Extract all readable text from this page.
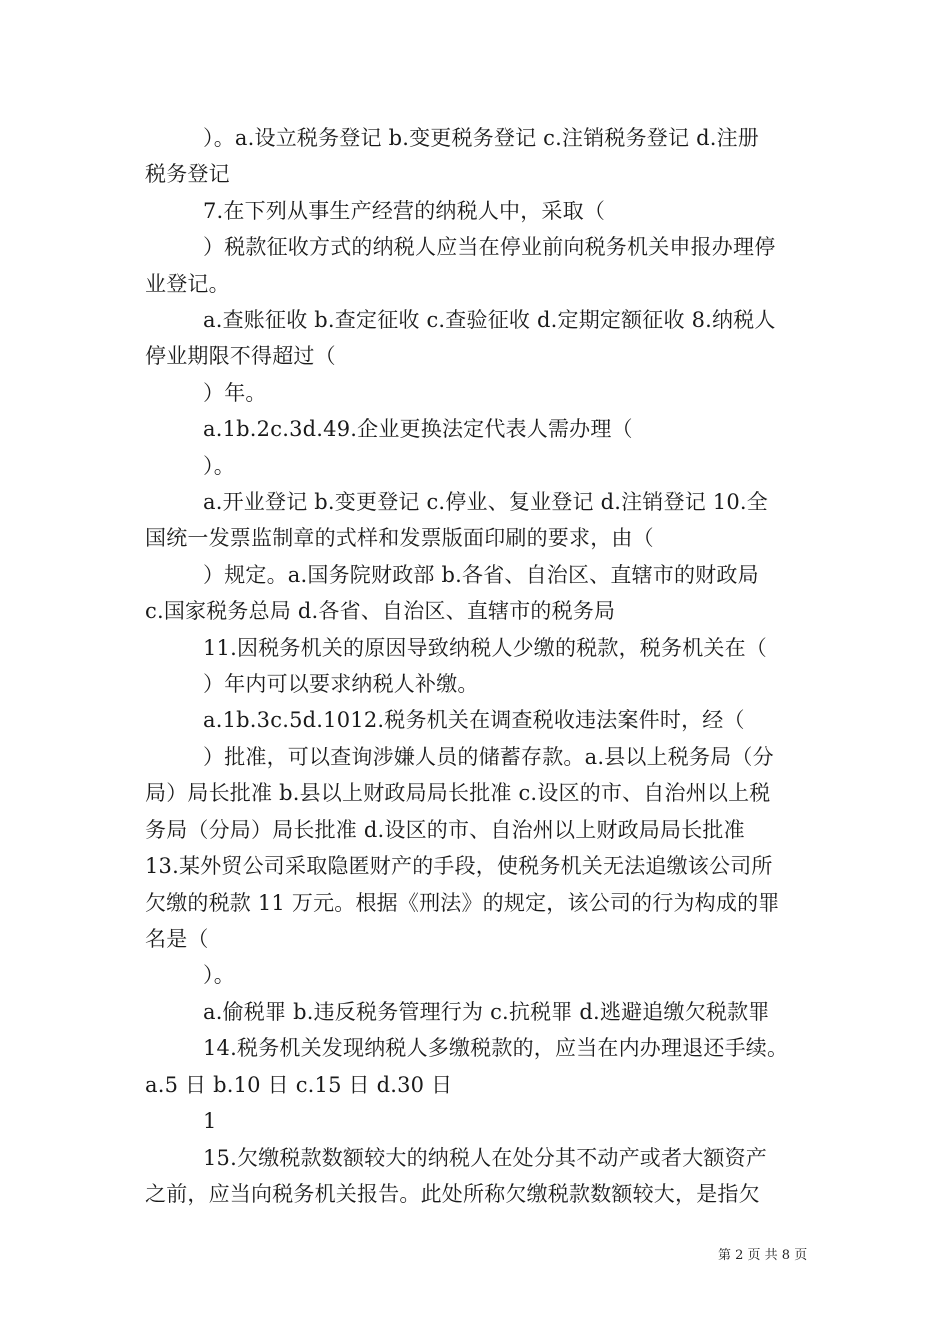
）。a.设立税务登记 b.变更税务登记 c.注销税务登记 d.注册
税务登记
7.在下列从事生产经营的纳税人中，采取（
）税款征收方式的纳税人应当在停业前向税务机关申报办理停
业登记。
a.查账征收 b.查定征收 c.查验征收 d.定期定额征收 8.纳税人
停业期限不得超过（
）年。
a.1b.2c.3d.49.企业更换法定代表人需办理（
）。
a.开业登记 b.变更登记 c.停业、复业登记 d.注销登记 10.全
国统一发票监制章的式样和发票版面印刷的要求，由（
）规定。a.国务院财政部 b.各省、自治区、直辖市的财政局
c.国家税务总局 d.各省、自治区、直辖市的税务局
11.因税务机关的原因导致纳税人少缴的税款，税务机关在（
）年内可以要求纳税人补缴。
a.1b.3c.5d.1012.税务机关在调查税收违法案件时，经（
）批准，可以查询涉嫌人员的储蓄存款。a.县以上税务局（分
局）局长批准 b.县以上财政局局长批准 c.设区的市、自治州以上税
务局（分局）局长批准 d.设区的市、自治州以上财政局局长批准
13.某外贸公司采取隐匿财产的手段，使税务机关无法追缴该公司所
欠缴的税款 11 万元。根据《刑法》的规定，该公司的行为构成的罪
名是（
）。
a.偷税罪 b.违反税务管理行为 c.抗税罪 d.逃避追缴欠税款罪
14.税务机关发现纳税人多缴税款的，应当在内办理退还手续。
a.5 日 b.10 日 c.15 日 d.30 日
1
15.欠缴税款数额较大的纳税人在处分其不动产或者大额资产
之前，应当向税务机关报告。此处所称欠缴税款数额较大，是指欠
第 2 页 共 8 页
